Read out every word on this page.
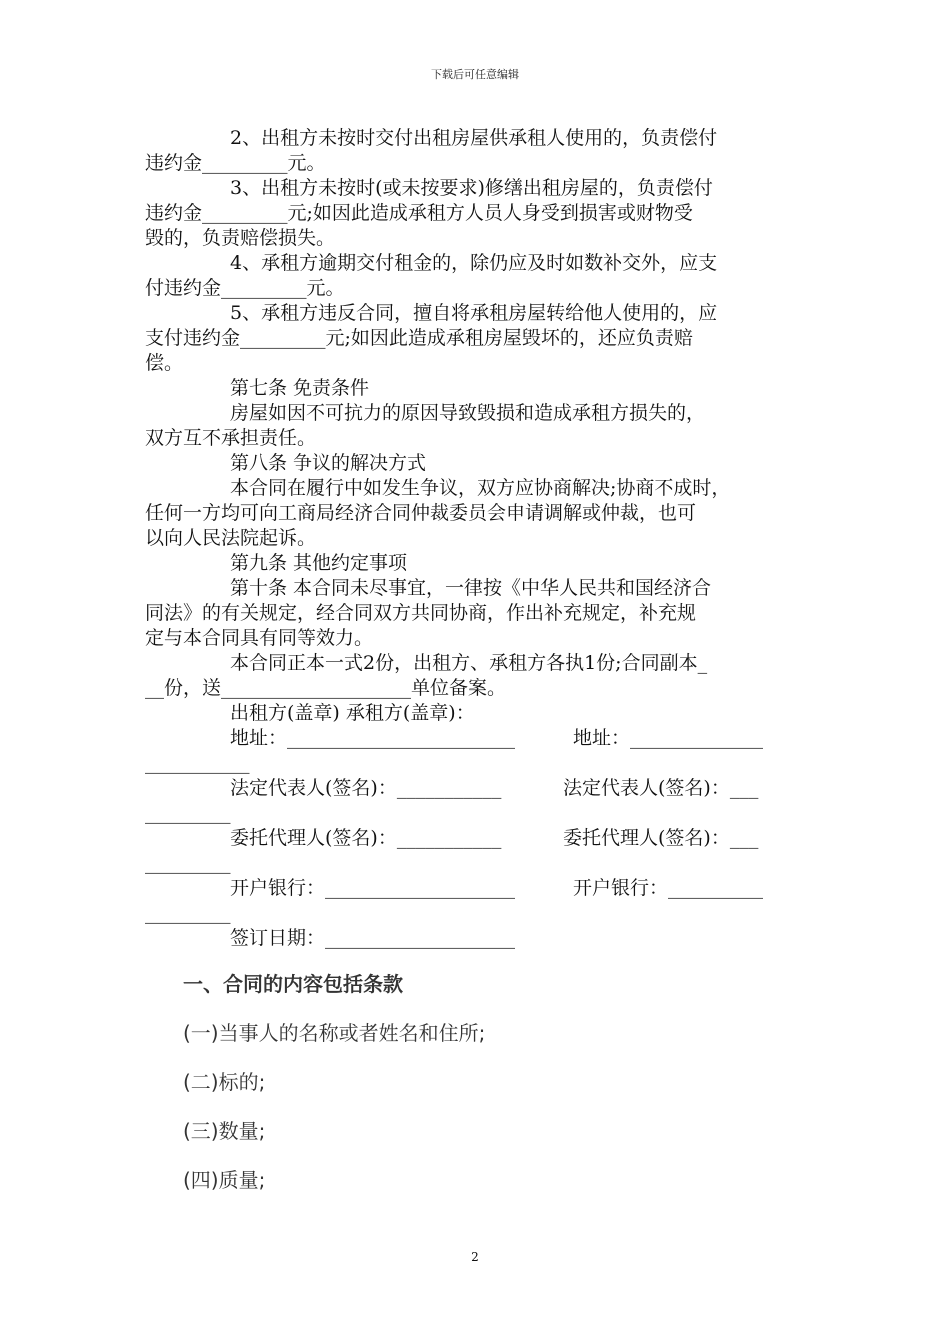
下载后可任意编辑

2、出租方未按时交付出租房屋供承租人使用的，负责偿付

违约金_________元。

3、出租方未按时(或未按要求)修缮出租房屋的，负责偿付

违约金_________元;如因此造成承租方人员人身受到损害或财物受

毁的，负责赔偿损失。

4、承租方逾期交付租金的，除仍应及时如数补交外，应支

付违约金_________元。

5、承租方违反合同，擅自将承租房屋转给他人使用的，应

支付违约金_________元;如因此造成承租房屋毁坏的，还应负责赔

偿。

第七条 免责条件

房屋如因不可抗力的原因导致毁损和造成承租方损失的，

双方互不承担责任。

第八条 争议的解决方式

本合同在履行中如发生争议，双方应协商解决;协商不成时，

任何一方均可向工商局经济合同仲裁委员会申请调解或仲裁，也可

以向人民法院起诉。

第九条 其他约定事项

第十条 本合同未尽事宜，一律按《中华人民共和国经济合

同法》的有关规定，经合同双方共同协商，作出补充规定，补充规

定与本合同具有同等效力。

本合同正本一式2份，出租方、承租方各执1份;合同副本_

__份，送____________________单位备案。

出租方(盖章) 承租方(盖章)：

地址：________________________	地址：______________
___________
法定代表人(签名)：___________	法定代表人(签名)：___
_________
委托代理人(签名)：___________	委托代理人(签名)：___
_________
开户银行：____________________	开户银行：__________
_________
签订日期：____________________
一、合同的内容包括条款
(一)当事人的名称或者姓名和住所;
(二)标的;
(三)数量;
(四)质量;
2
